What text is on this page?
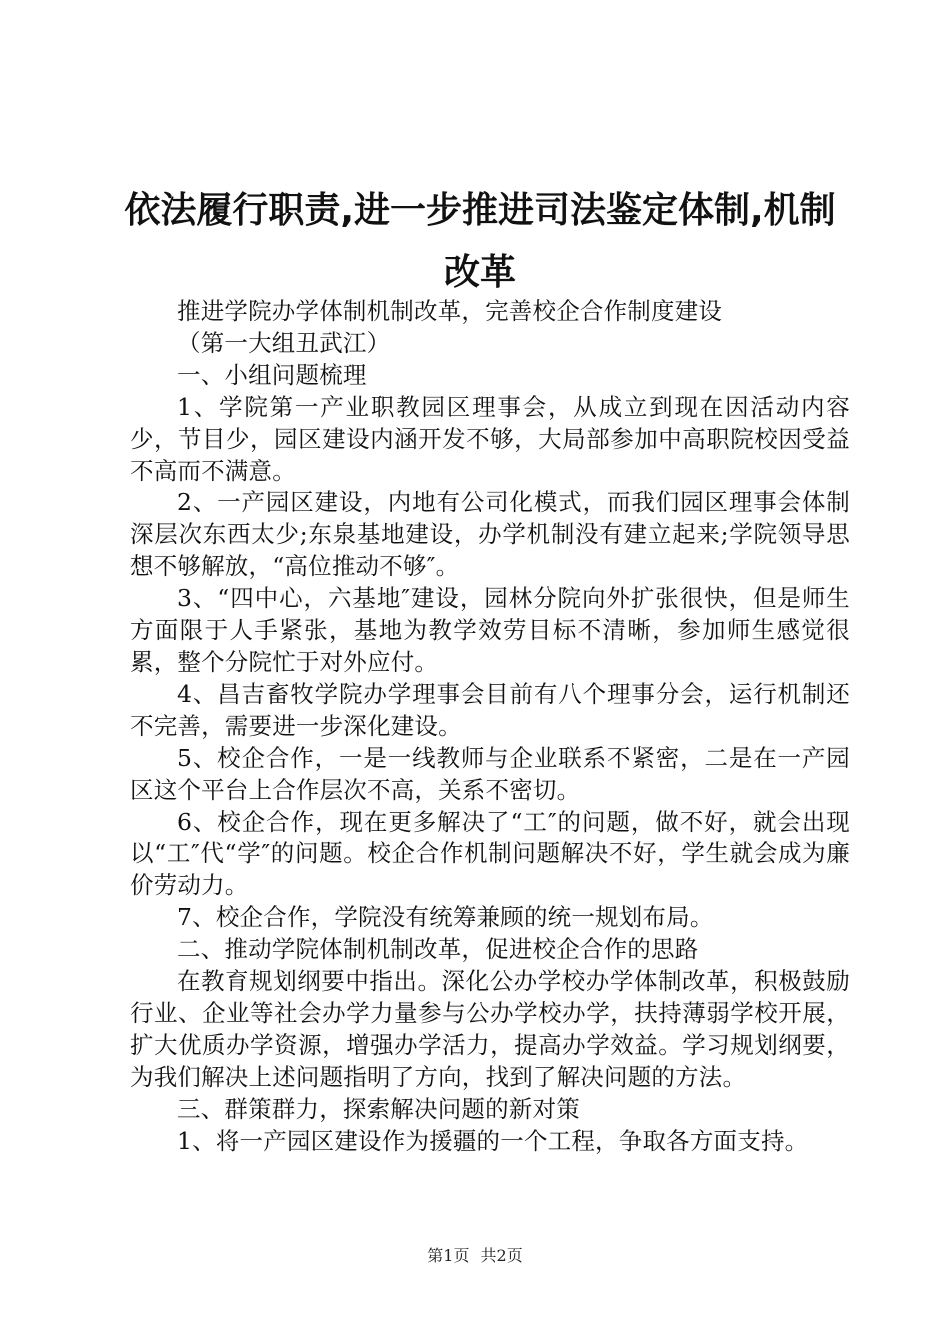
依法履行职责,进一步推进司法鉴定体制,机制
改革

推进学院办学体制机制改革，完善校企合作制度建设

（第一大组丑武江）

一、小组问题梳理

1、学院第一产业职教园区理事会，从成立到现在因活动内容少，节目少，园区建设内涵开发不够，大局部参加中高职院校因受益不高而不满意。

2、一产园区建设，内地有公司化模式，而我们园区理事会体制深层次东西太少;东泉基地建设，办学机制没有建立起来;学院领导思想不够解放，“高位推动不够″。

3、“四中心，六基地″建设，园林分院向外扩张很快，但是师生方面限于人手紧张，基地为教学效劳目标不清晰，参加师生感觉很累，整个分院忙于对外应付。

4、昌吉畜牧学院办学理事会目前有八个理事分会，运行机制还不完善，需要进一步深化建设。

5、校企合作，一是一线教师与企业联系不紧密，二是在一产园区这个平台上合作层次不高，关系不密切。

6、校企合作，现在更多解决了“工″的问题，做不好，就会出现以“工″代“学″的问题。校企合作机制问题解决不好，学生就会成为廉价劳动力。

7、校企合作，学院没有统筹兼顾的统一规划布局。

二、推动学院体制机制改革，促进校企合作的思路

在教育规划纲要中指出。深化公办学校办学体制改革，积极鼓励行业、企业等社会办学力量参与公办学校办学，扶持薄弱学校开展，扩大优质办学资源，增强办学活力，提高办学效益。学习规划纲要，为我们解决上述问题指明了方向，找到了解决问题的方法。

三、群策群力，探索解决问题的新对策

1、将一产园区建设作为援疆的一个工程，争取各方面支持。

第1页 共2页
